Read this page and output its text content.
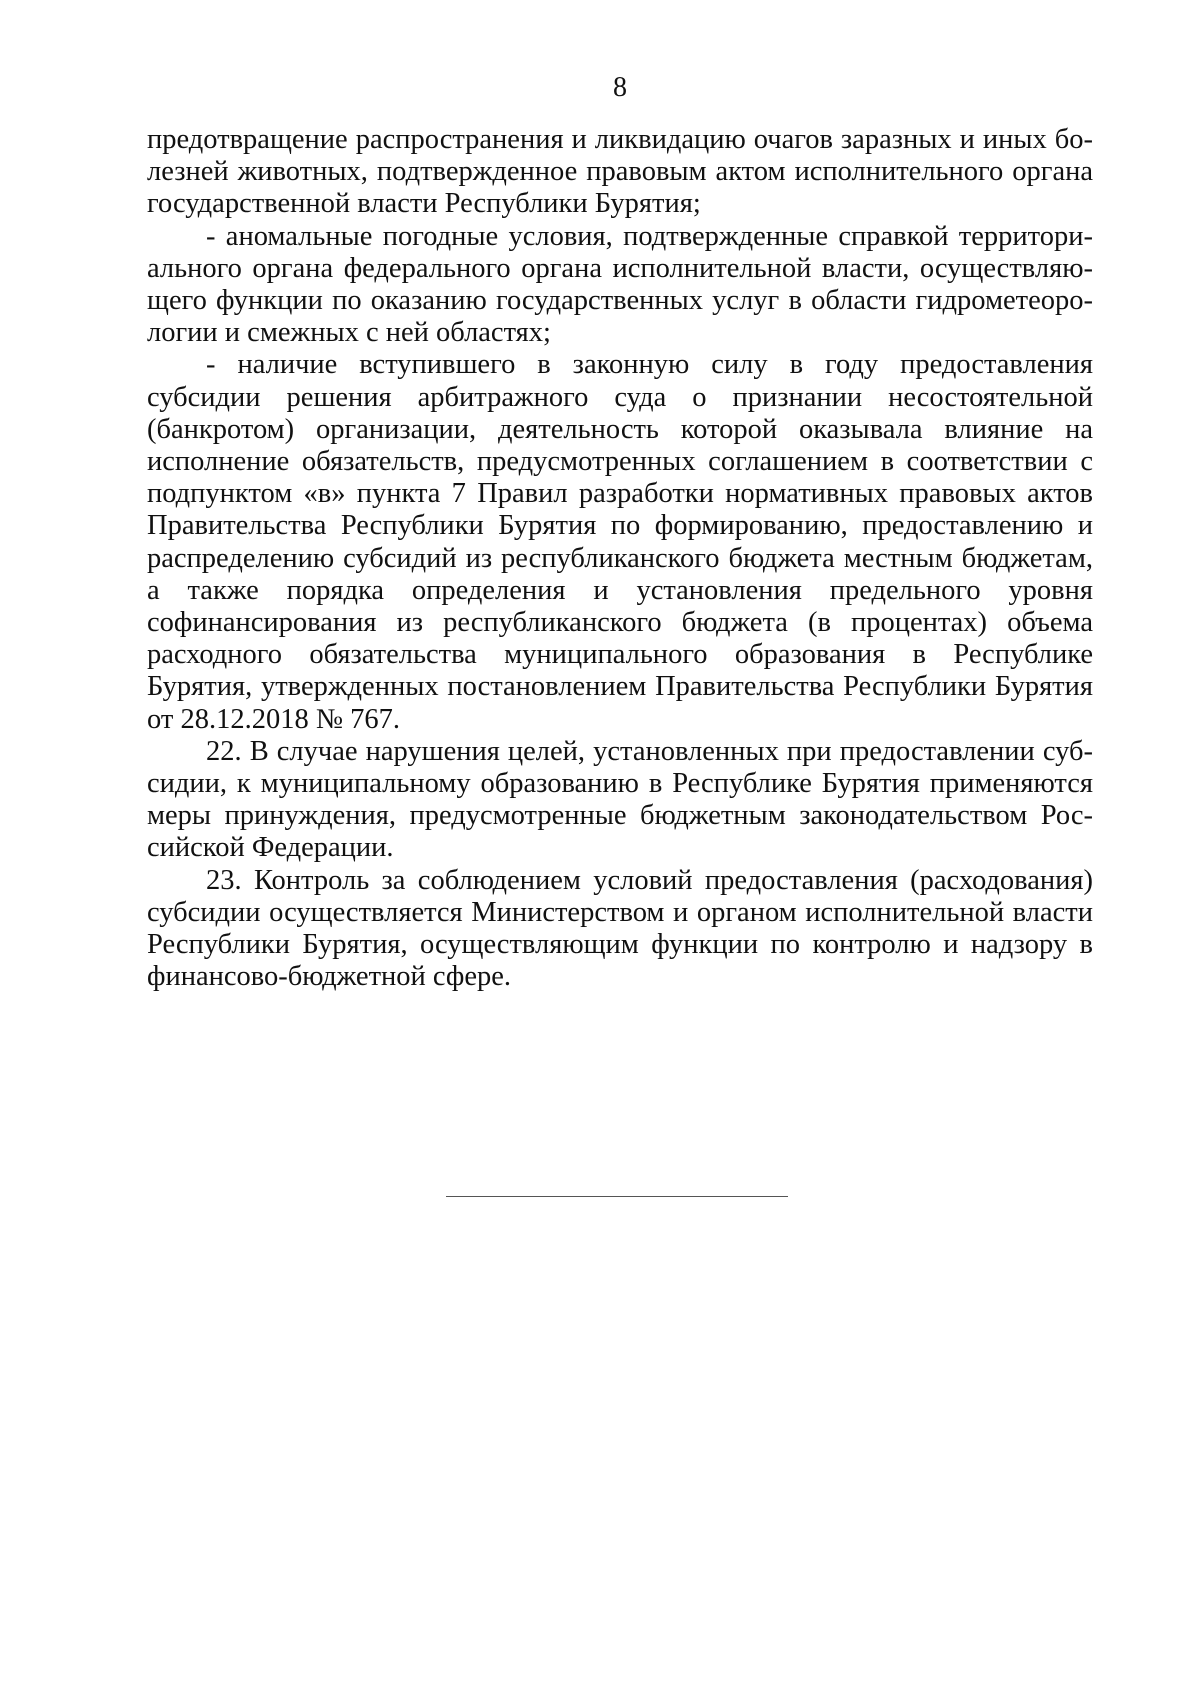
8

предотвращение распространения и ликвидацию очагов заразных и иных болезней животных, подтвержденное правовым актом исполнительного органа государственной власти Республики Бурятия;

- аномальные погодные условия, подтвержденные справкой территориального органа федерального органа исполнительной власти, осуществляющего функции по оказанию государственных услуг в области гидрометеорологии и смежных с ней областях;

- наличие вступившего в законную силу в году предоставления субсидии решения арбитражного суда о признании несостоятельной (банкротом) организации, деятельность которой оказывала влияние на исполнение обязательств, предусмотренных соглашением в соответствии с подпунктом «в» пункта 7 Правил разработки нормативных правовых актов Правительства Республики Бурятия по формированию, предоставлению и распределению субсидий из республиканского бюджета местным бюджетам, а также порядка определения и установления предельного уровня софинансирования из республиканского бюджета (в процентах) объема расходного обязательства муниципального образования в Республике Бурятия, утвержденных постановлением Правительства Республики Бурятия от 28.12.2018 № 767.

22. В случае нарушения целей, установленных при предоставлении субсидии, к муниципальному образованию в Республике Бурятия применяются меры принуждения, предусмотренные бюджетным законодательством Российской Федерации.

23. Контроль за соблюдением условий предоставления (расходования) субсидии осуществляется Министерством и органом исполнительной власти Республики Бурятия, осуществляющим функции по контролю и надзору в финансово-бюджетной сфере.
